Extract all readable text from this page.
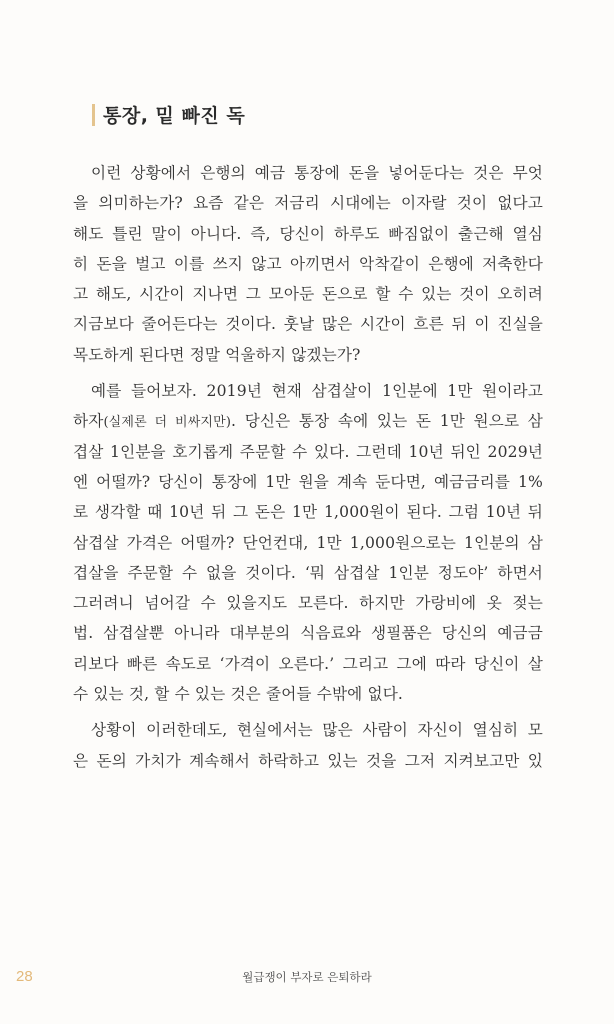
통장, 밑 빠진 독
이런 상황에서 은행의 예금 통장에 돈을 넣어둔다는 것은 무엇
을 의미하는가? 요즘 같은 저금리 시대에는 이자랄 것이 없다고
해도 틀린 말이 아니다. 즉, 당신이 하루도 빠짐없이 출근해 열심
히 돈을 벌고 이를 쓰지 않고 아끼면서 악착같이 은행에 저축한다
고 해도, 시간이 지나면 그 모아둔 돈으로 할 수 있는 것이 오히려
지금보다 줄어든다는 것이다. 훗날 많은 시간이 흐른 뒤 이 진실을
목도하게 된다면 정말 억울하지 않겠는가?
예를 들어보자. 2019년 현재 삼겹살이 1인분에 1만 원이라고
하자(실제론 더 비싸지만). 당신은 통장 속에 있는 돈 1만 원으로 삼
겹살 1인분을 호기롭게 주문할 수 있다. 그런데 10년 뒤인 2029년
엔 어떨까? 당신이 통장에 1만 원을 계속 둔다면, 예금금리를 1%
로 생각할 때 10년 뒤 그 돈은 1만 1,000원이 된다. 그럼 10년 뒤
삼겹살 가격은 어떨까? 단언컨대, 1만 1,000원으로는 1인분의 삼
겹살을 주문할 수 없을 것이다. ‘뭐 삼겹살 1인분 정도야’ 하면서
그러려니 넘어갈 수 있을지도 모른다. 하지만 가랑비에 옷 젖는
법. 삼겹살뿐 아니라 대부분의 식음료와 생필품은 당신의 예금금
리보다 빠른 속도로 ‘가격이 오른다.’ 그리고 그에 따라 당신이 살
수 있는 것, 할 수 있는 것은 줄어들 수밖에 없다.
상황이 이러한데도, 현실에서는 많은 사람이 자신이 열심히 모
은 돈의 가치가 계속해서 하락하고 있는 것을 그저 지켜보고만 있
28	월급쟁이 부자로 은퇴하라
